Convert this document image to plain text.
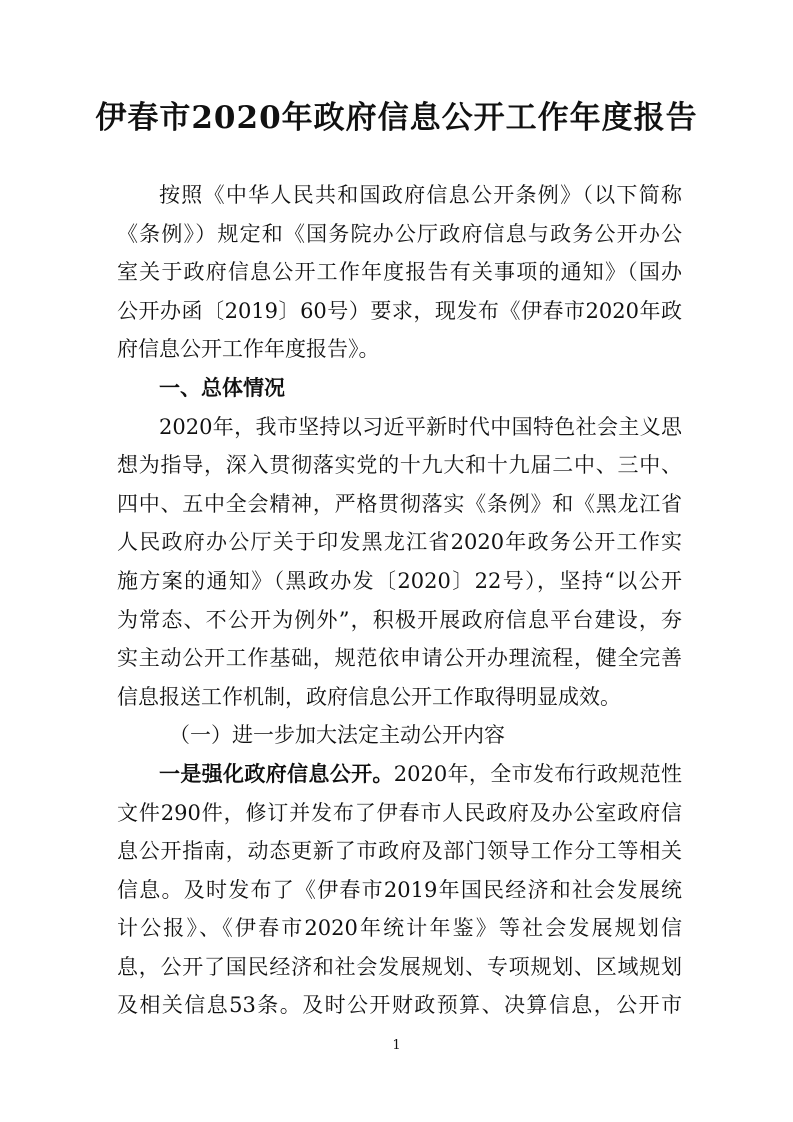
伊春市2020年政府信息公开工作年度报告
按照《中华人民共和国政府信息公开条例》（以下简称
《条例》）规定和《国务院办公厅政府信息与政务公开办公
室关于政府信息公开工作年度报告有关事项的通知》（国办
公开办函〔2019〕60号）要求，现发布《伊春市2020年政
府信息公开工作年度报告》。
一、总体情况
2020年，我市坚持以习近平新时代中国特色社会主义思
想为指导，深入贯彻落实党的十九大和十九届二中、三中、
四中、五中全会精神，严格贯彻落实《条例》和《黑龙江省
人民政府办公厅关于印发黑龙江省2020年政务公开工作实
施方案的通知》（黑政办发〔2020〕22号），坚持“以公开
为常态、不公开为例外”，积极开展政府信息平台建设，夯
实主动公开工作基础，规范依申请公开办理流程，健全完善
信息报送工作机制，政府信息公开工作取得明显成效。
（一）进一步加大法定主动公开内容
一是强化政府信息公开。2020年，全市发布行政规范性
文件290件，修订并发布了伊春市人民政府及办公室政府信
息公开指南，动态更新了市政府及部门领导工作分工等相关
信息。及时发布了《伊春市2019年国民经济和社会发展统
计公报》、《伊春市2020年统计年鉴》等社会发展规划信
息，公开了国民经济和社会发展规划、专项规划、区域规划
及相关信息53条。及时公开财政预算、决算信息，公开市
1
